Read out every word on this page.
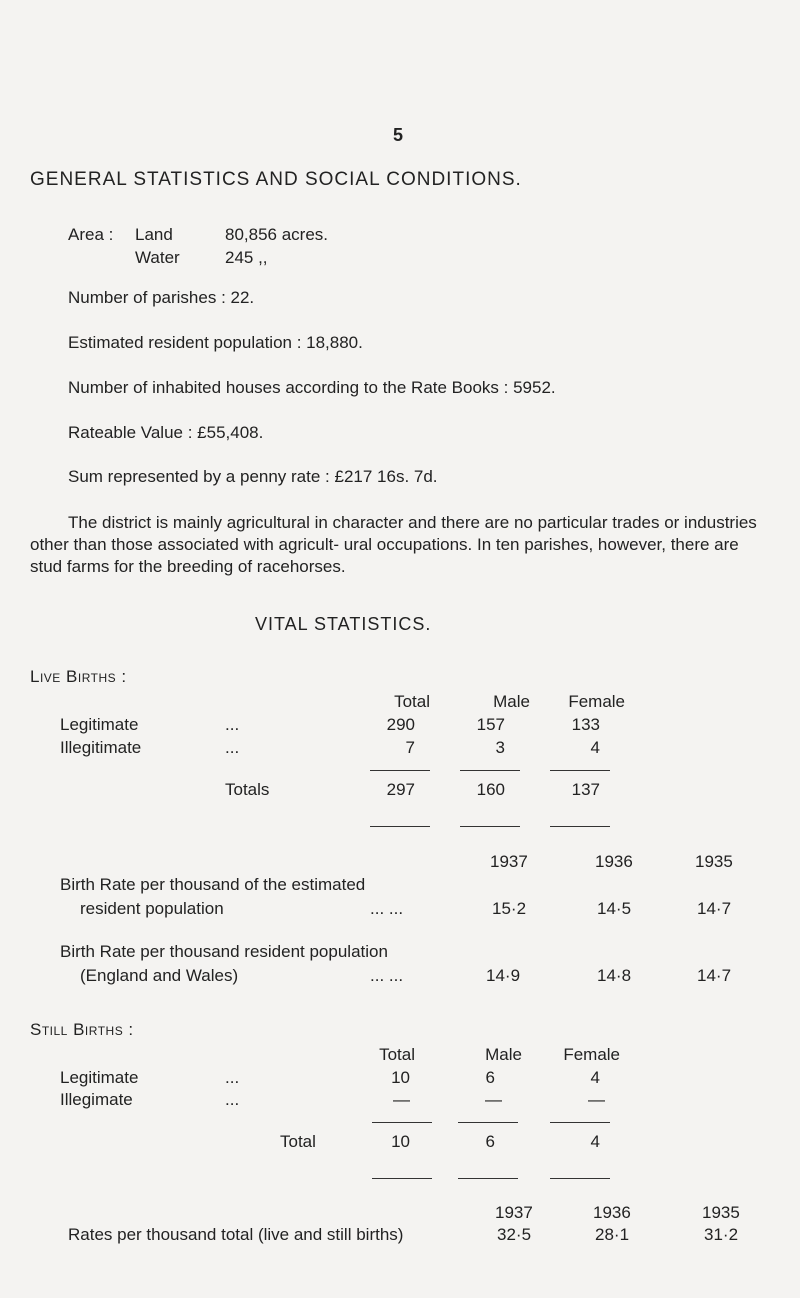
5
GENERAL STATISTICS AND SOCIAL CONDITIONS.
Area : Land	80,856 acres.
Water	245 ,,
Number of parishes : 22.
Estimated resident population : 18,880.
Number of inhabited houses according to the Rate Books : 5952.
Rateable Value : £55,408.
Sum represented by a penny rate : £217 16s. 7d.
The district is mainly agricultural in character and there are no particular trades or industries other than those associated with agricult- ural occupations. In ten parishes, however, there are stud farms for the breeding of racehorses.
VITAL STATISTICS.
Live Births :
Total	Male	Female
Legitimate	...	290	157	133
Illegitimate	...	7	3	4
Totals	297	160	137
1937	1936	1935
Birth Rate per thousand of the estimated
resident population	... ...	15·2	14·5	14·7
Birth Rate per thousand resident population
(England and Wales)	... ...	14·9	14·8	14·7
Still Births :
Total	Male	Female
Legitimate	...	10	6	4
Illegimate	...	—	—	—
Total	10	6	4
1937	1936	1935
Rates per thousand total (live and still births)	32·5	28·1	31·2
